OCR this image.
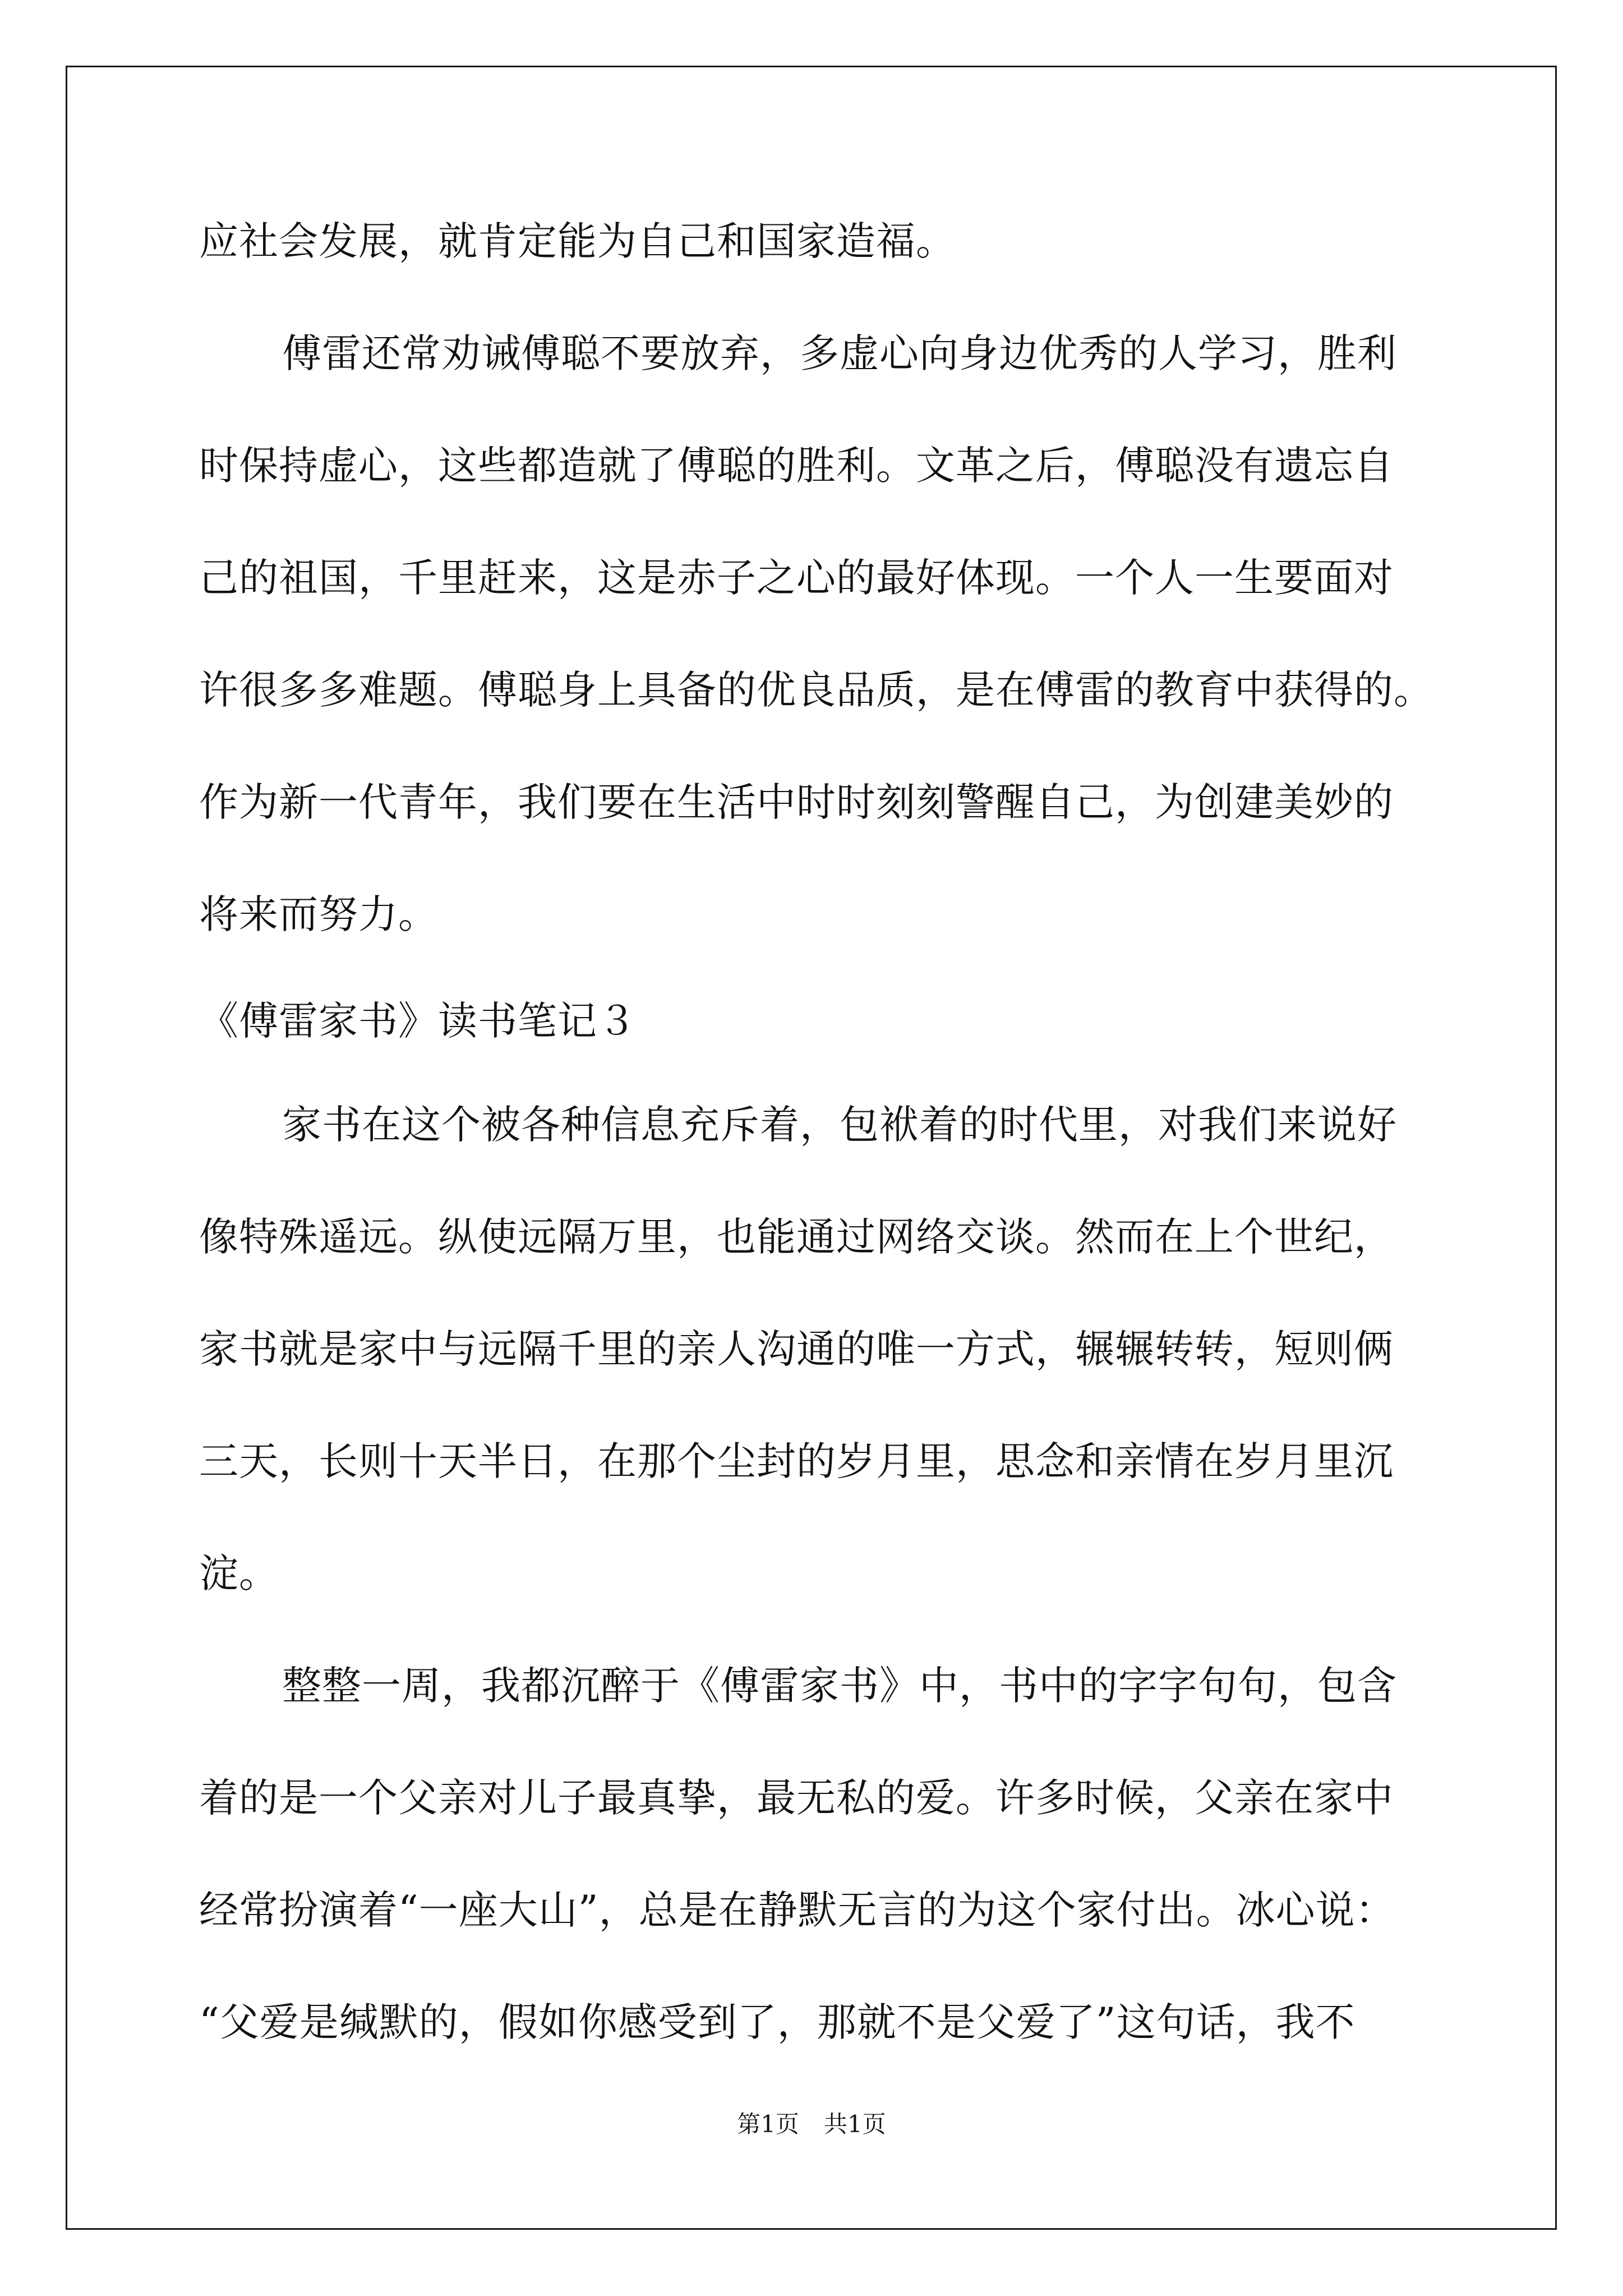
应社会发展，就肯定能为自己和国家造福。
傅雷还常劝诫傅聪不要放弃，多虚心向身边优秀的人学习，胜利
时保持虚心，这些都造就了傅聪的胜利。文革之后，傅聪没有遗忘自
己的祖国，千里赶来，这是赤子之心的最好体现。一个人一生要面对
许很多多难题。傅聪身上具备的优良品质，是在傅雷的教育中获得的。
作为新一代青年，我们要在生活中时时刻刻警醒自己，为创建美妙的
将来而努力。
《傅雷家书》读书笔记３
家书在这个被各种信息充斥着，包袱着的时代里，对我们来说好
像特殊遥远。纵使远隔万里，也能通过网络交谈。然而在上个世纪，
家书就是家中与远隔千里的亲人沟通的唯一方式，辗辗转转，短则俩
三天，长则十天半日，在那个尘封的岁月里，思念和亲情在岁月里沉
淀。
整整一周，我都沉醉于《傅雷家书》中，书中的字字句句，包含
着的是一个父亲对儿子最真挚，最无私的爱。许多时候，父亲在家中
经常扮演着“一座大山”，总是在静默无言的为这个家付出。冰心说：
“父爱是缄默的，假如你感受到了，那就不是父爱了”这句话，我不
第1页 共1页
